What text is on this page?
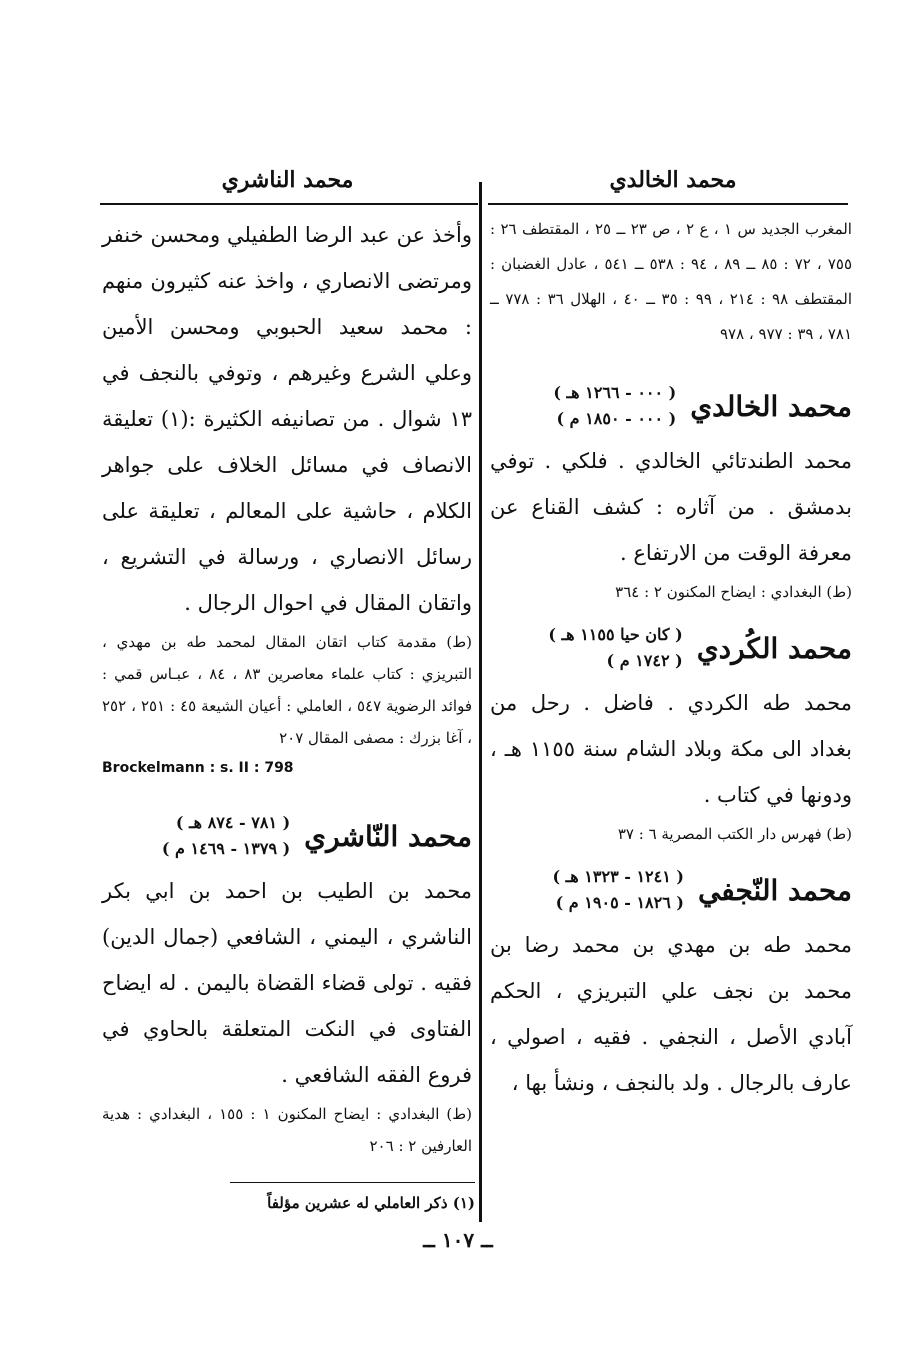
محمد الخالدي
محمد الناشري

المغرب الجديد س ١ ، ع ٢ ، ص ٢٣ ــ ٢٥ ، المقتطف ٢٦ : ٧٥٥ ، ٧٢ : ٨٥ ــ ٨٩ ، ٩٤ : ٥٣٨ ــ ٥٤١ ، عادل الغضبان : المقتطف ٩٨ : ٢١٤ ، ٩٩ : ٣٥ ــ ٤٠ ، الهلال ٣٦ : ٧٧٨ ــ ٧٨١ ، ٣٩ : ٩٧٧ ، ٩٧٨

محمد الخالدي
( ٠٠٠ - ١٢٦٦ هـ )
( ٠٠٠ - ١٨٥٠ م )

محمد الطندتائي الخالدي . فلكي . توفي بدمشق . من آثاره : كشف القناع عن معرفة الوقت من الارتفاع .

(ط) البغدادي : ايضاح المكنون ٢ : ٣٦٤

محمد الكُردي
( كان حيا ١١٥٥ هـ )
( ١٧٤٢ م )

محمد طه الكردي . فاضل . رحل من بغداد الى مكة وبلاد الشام سنة ١١٥٥ هـ ، ودونها في كتاب .

(ط) فهرس دار الكتب المصرية ٦ : ٣٧

محمد النّجفي
( ١٢٤١ - ١٣٢٣ هـ )
( ١٨٢٦ - ١٩٠٥ م )

محمد طه بن مهدي بن محمد رضا بن محمد بن نجف علي التبريزي ، الحكم آبادي الأصل ، النجفي . فقيه ، اصولي ، عارف بالرجال . ولد بالنجف ، ونشأ بها ،

وأخذ عن عبد الرضا الطفيلي ومحسن خنفر ومرتضى الانصاري ، واخذ عنه كثيرون منهم : محمد سعيد الحبوبي ومحسن الأمين وعلي الشرع وغيرهم ، وتوفي بالنجف في ١٣ شوال . من تصانيفه الكثيرة :(١) تعليقة الانصاف في مسائل الخلاف على جواهر الكلام ، حاشية على المعالم ، تعليقة على رسائل الانصاري ، ورسالة في التشريع ، واتقان المقال في احوال الرجال .

(ط) مقدمة كتاب اتقان المقال لمحمد طه بن مهدي ، التبريزي : كتاب علماء معاصرين ٨٣ ، ٨٤ ، عبـاس قمي : فوائد الرضوية ٥٤٧ ، العاملي : أعيان الشيعة ٤٥ : ٢٥١ ، ٢٥٢ ، آغا بزرك : مصفى المقال ٢٠٧

Brockelmann : s. II : 798

محمد النّاشري
( ٧٨١ - ٨٧٤ هـ )
( ١٣٧٩ - ١٤٦٩ م )

محمد بن الطيب بن احمد بن ابي بكر الناشري ، اليمني ، الشافعي (جمال الدين) فقيه . تولى قضاء القضاة باليمن . له ايضاح الفتاوى في النكت المتعلقة بالحاوي في فروع الفقه الشافعي .

(ط) البغدادي : ايضاح المكنون ١ : ١٥٥ ، البغدادي : هدية العارفين ٢ : ٢٠٦

(١) ذكر العاملي له عشرين مؤلفاً
ــ ١٠٧ ــ
